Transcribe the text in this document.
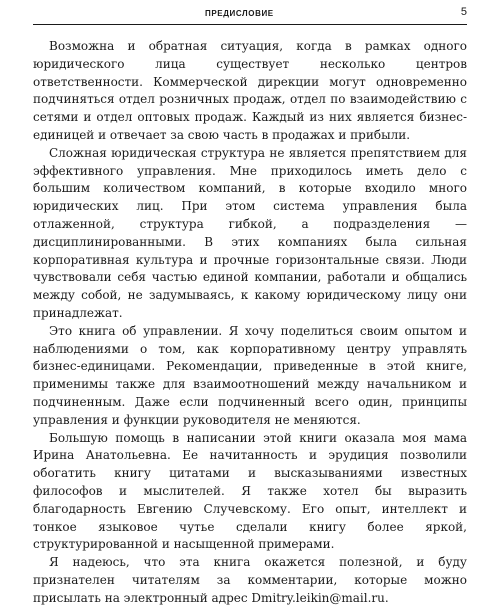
ПРЕДИСЛОВИЕ	5

Возможна и обратная ситуация, когда в рамках одного юридического лица существует несколько центров ответственности. Коммерческой дирекции могут одновременно подчиняться отдел розничных продаж, отдел по взаимодействию с сетями и отдел оптовых продаж. Каждый из них является бизнес-единицей и отвечает за свою часть в продажах и прибыли.

Сложная юридическая структура не является препятствием для эффективного управления. Мне приходилось иметь дело с большим количеством компаний, в которые входило много юридических лиц. При этом система управления была отлаженной, структура гибкой, а подразделения — дисциплинированными. В этих компаниях была сильная корпоративная культура и прочные горизонтальные связи. Люди чувствовали себя частью единой компании, работали и общались между собой, не задумываясь, к какому юридическому лицу они принадлежат.

Это книга об управлении. Я хочу поделиться своим опытом и наблюдениями о том, как корпоративному центру управлять бизнес-единицами. Рекомендации, приведенные в этой книге, применимы также для взаимоотношений между начальником и подчиненным. Даже если подчиненный всего один, принципы управления и функции руководителя не меняются.

Большую помощь в написании этой книги оказала моя мама Ирина Анатольевна. Ее начитанность и эрудиция позволили обогатить книгу цитатами и высказываниями известных философов и мыслителей. Я также хотел бы выразить благодарность Евгению Случевскому. Его опыт, интеллект и тонкое языковое чутье сделали книгу более яркой, структурированной и насыщенной примерами.

Я надеюсь, что эта книга окажется полезной, и буду признателен читателям за комментарии, которые можно присылать на электронный адрес Dmitry.leikin@mail.ru.
